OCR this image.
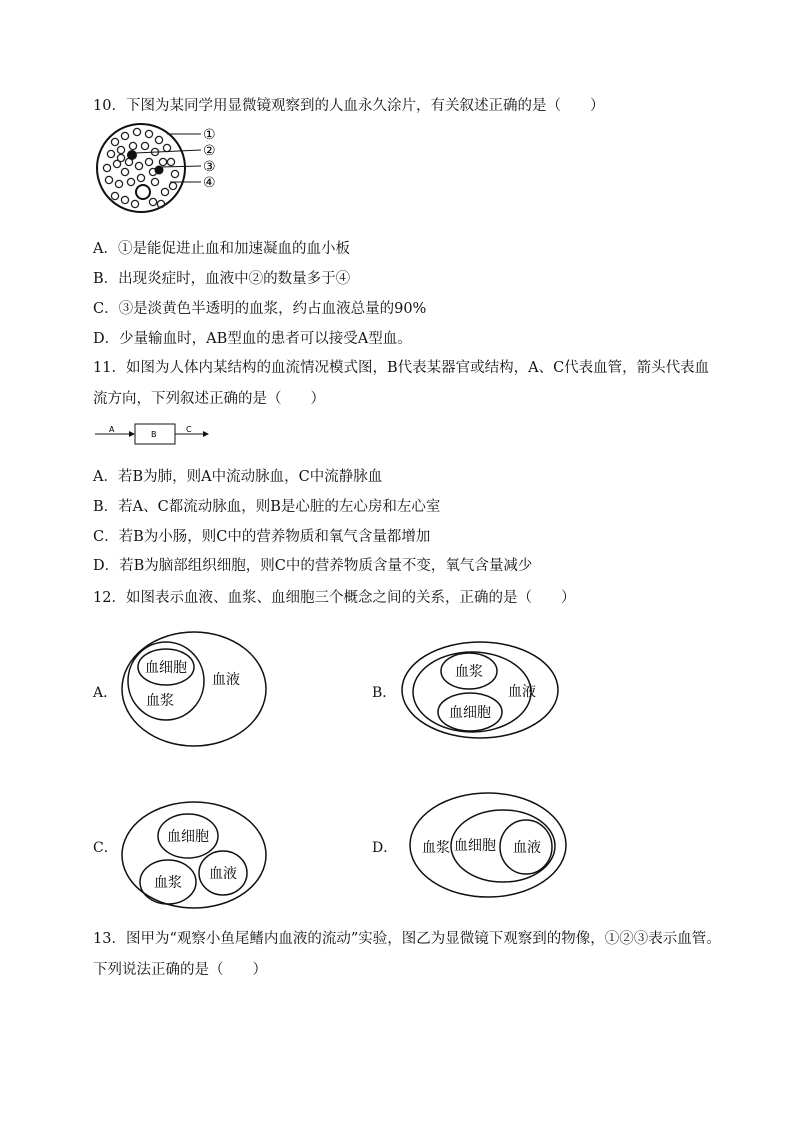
10．下图为某同学用显微镜观察到的人血永久涂片，有关叙述正确的是（　　）
①
②
③
④
A．①是能促进止血和加速凝血的血小板
B．出现炎症时，血液中②的数量多于④
C．③是淡黄色半透明的血浆，约占血液总量的90%
D．少量输血时，AB型血的患者可以接受A型血。
11．如图为人体内某结构的血流情况模式图，B代表某器官或结构，A、C代表血管，箭头代表血
流方向，下列叙述正确的是（　　）
A
B
C
A．若B为肺，则A中流动脉血，C中流静脉血
B．若A、C都流动脉血，则B是心脏的左心房和左心室
C．若B为小肠，则C中的营养物质和氧气含量都增加
D．若B为脑部组织细胞，则C中的营养物质含量不变，氧气含量减少
12．如图表示血液、血浆、血细胞三个概念之间的关系，正确的是（　　）
A．
血细胞
血浆
血液
B．
血浆
血细胞
血液
C．
血细胞
血浆
血液
D． 血浆 血细胞 血液
13．图甲为“观察小鱼尾鳍内血液的流动”实验，图乙为显微镜下观察到的物像，①②③表示血管。
下列说法正确的是（　　）
